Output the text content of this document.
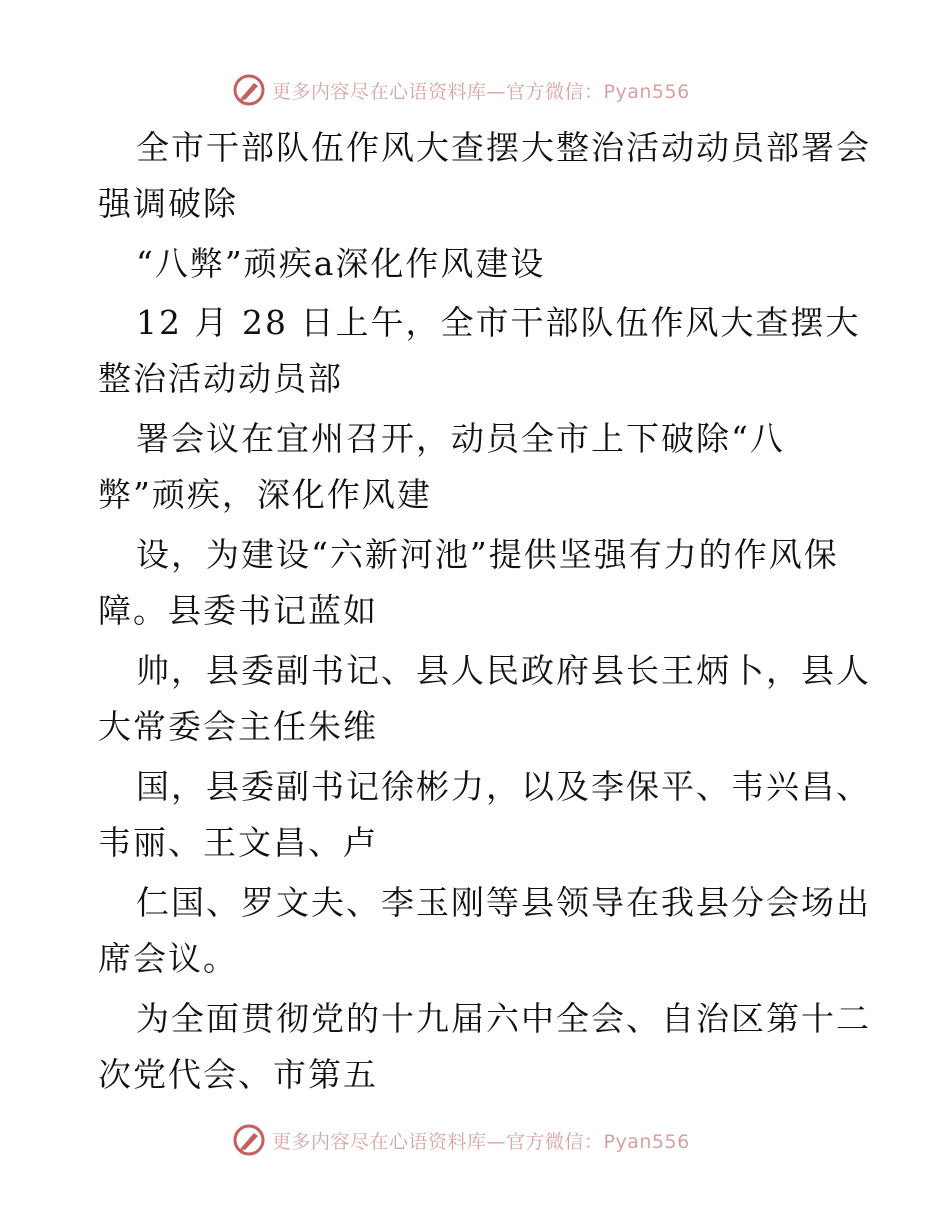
更多内容尽在心语资料库—官方微信：Pyan556
全市干部队伍作风大查摆大整治活动动员部署会
强调破除
“八弊”顽疾a深化作风建设
12 月 28 日上午，全市干部队伍作风大查摆大
整治活动动员部
署会议在宜州召开，动员全市上下破除“八
弊”顽疾，深化作风建
设，为建设“六新河池”提供坚强有力的作风保
障。县委书记蓝如
帅，县委副书记、县人民政府县长王炳卜，县人
大常委会主任朱维
国，县委副书记徐彬力，以及李保平、韦兴昌、
韦丽、王文昌、卢
仁国、罗文夫、李玉刚等县领导在我县分会场出
席会议。
为全面贯彻党的十九届六中全会、自治区第十二
次党代会、市第五
更多内容尽在心语资料库—官方微信：Pyan556
